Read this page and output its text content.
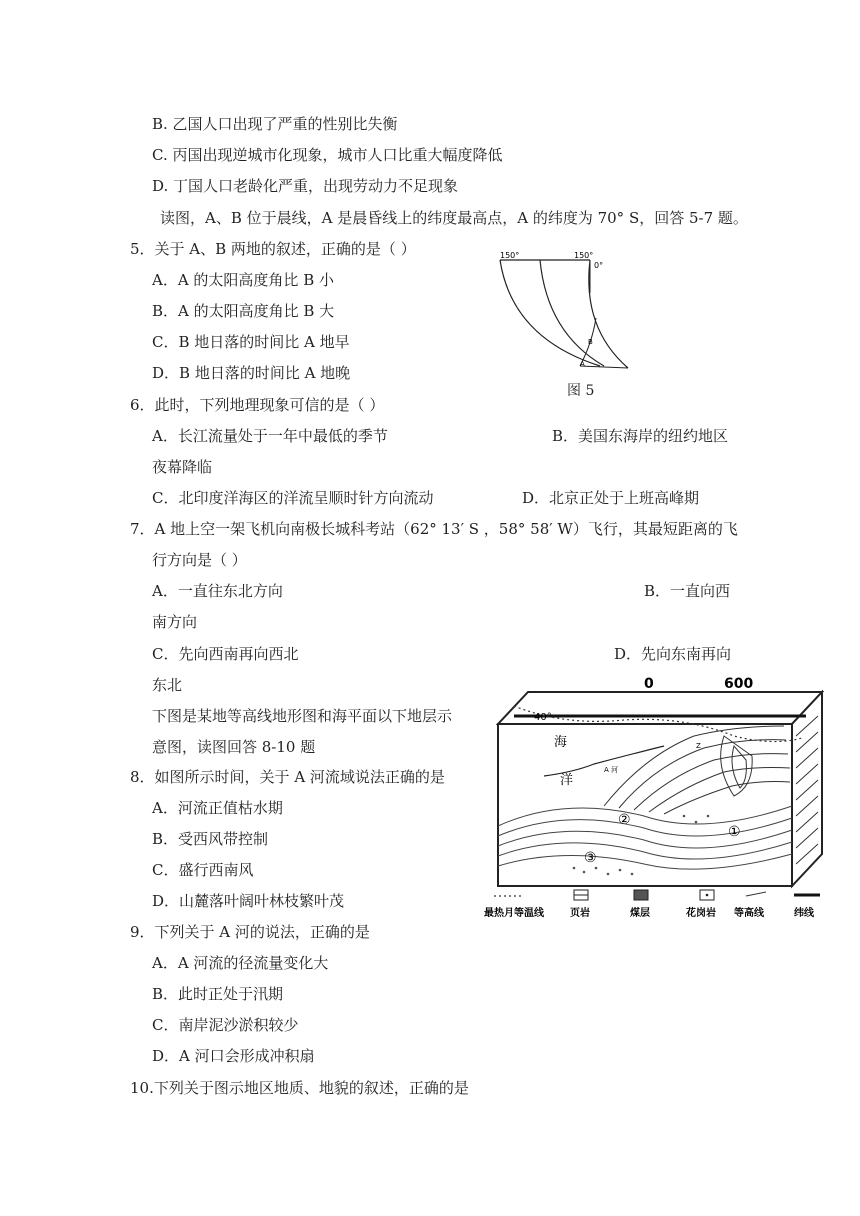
B. 乙国人口出现了严重的性别比失衡
C. 丙国出现逆城市化现象，城市人口比重大幅度降低
D. 丁国人口老龄化严重，出现劳动力不足现象
读图，A、B 位于晨线，A 是晨昏线上的纬度最高点，A 的纬度为 70° S，回答 5-7 题。
5．关于 A、B 两地的叙述，正确的是（ ）
A．A 的太阳高度角比 B 小
B．A 的太阳高度角比 B 大
C．B 地日落的时间比 A 地早
D．B 地日落的时间比 A 地晚
150°	150°
0°
B
A
图 5
6．此时，下列地理现象可信的是（ ）
A．长江流量处于一年中最低的季节	B．美国东海岸的纽约地区
夜幕降临
C．北印度洋海区的洋流呈顺时针方向流动	D．北京正处于上班高峰期
7．A 地上空一架飞机向南极长城科考站（62° 13′ S ，58° 58′ W）飞行，其最短距离的飞
行方向是（ ）
A．一直往东北方向	B．一直向西
南方向
C．先向西南再向西北	D．先向东南再向
东北
下图是某地等高线地形图和海平面以下地层示
意图，读图回答 8-10 题
8．如图所示时间，关于 A 河流域说法正确的是
A．河流正值枯水期
B．受西风带控制
C．盛行西南风
D．山麓落叶阔叶林枝繁叶茂
9．下列关于 A 河的说法，正确的是
A．A 河流的径流量变化大
B．此时正处于汛期
C．南岸泥沙淤积较少
D．A 河口会形成冲积扇
10.下列关于图示地区地质、地貌的叙述，正确的是
0	600
40°
海
洋
A 河
Z
①
②
③
最热月等温线	页岩	煤层	花岗岩 等高线	纬线
